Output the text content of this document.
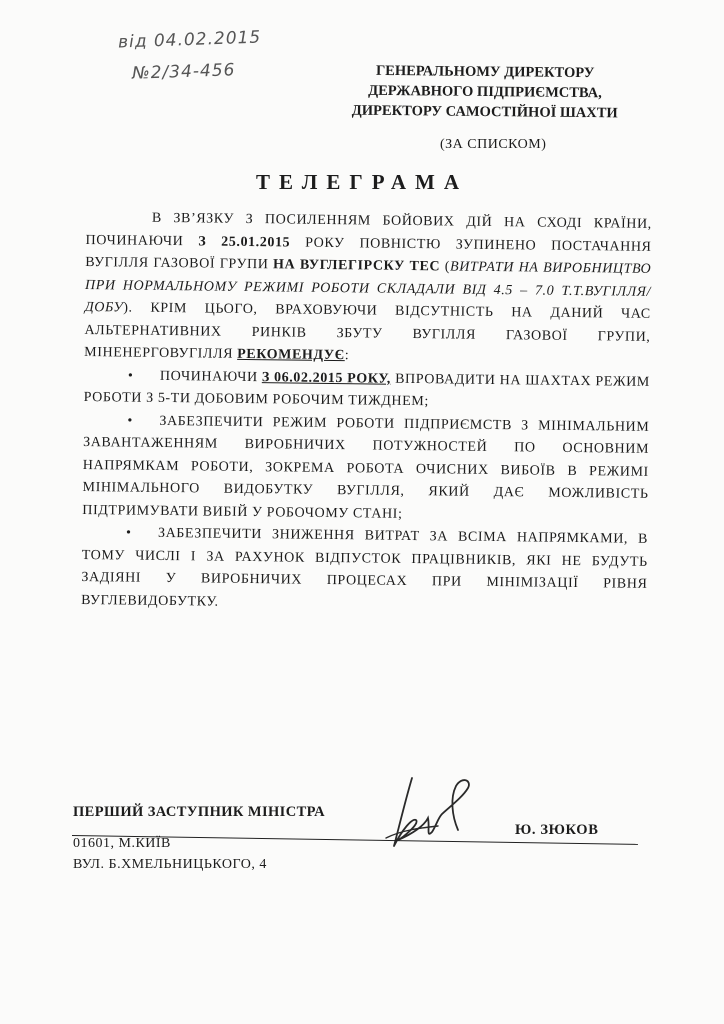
від 04.02.2015
№2/34-456	ГЕНЕРАЛЬНОМУ ДИРЕКТОРУ
ДЕРЖАВНОГО ПІДПРИЄМСТВА,
ДИРЕКТОРУ САМОСТІЙНОЇ ШАХТИ
(ЗА СПИСКОМ)
ТЕЛЕГРАМА

В ЗВ’ЯЗКУ З ПОСИЛЕННЯМ БОЙОВИХ ДІЙ НА СХОДІ КРАЇНИ, ПОЧИНАЮЧИ З 25.01.2015 РОКУ ПОВНІСТЮ ЗУПИНЕНО ПОСТАЧАННЯ ВУГІЛЛЯ ГАЗОВОЇ ГРУПИ НА ВУГЛЕГІРСКУ ТЕС (ВИТРАТИ НА ВИРОБНИЦТВО ПРИ НОРМАЛЬНОМУ РЕЖИМІ РОБОТИ СКЛАДАЛИ ВІД 4.5 – 7.0 Т.Т.ВУГІЛЛЯ/ДОБУ). КРІМ ЦЬОГО, ВРАХОВУЮЧИ ВІДСУТНІСТЬ НА ДАНИЙ ЧАС АЛЬТЕРНАТИВНИХ РИНКІВ ЗБУТУ ВУГІЛЛЯ ГАЗОВОЇ ГРУПИ, МІНЕНЕРГОВУГІЛЛЯ РЕКОМЕНДУЄ:

• ПОЧИНАЮЧИ З 06.02.2015 РОКУ, ВПРОВАДИТИ НА ШАХТАХ РЕЖИМ РОБОТИ З 5-ТИ ДОБОВИМ РОБОЧИМ ТИЖДНЕМ;
• ЗАБЕЗПЕЧИТИ РЕЖИМ РОБОТИ ПІДПРИЄМСТВ З МІНІМАЛЬНИМ ЗАВАНТАЖЕННЯМ ВИРОБНИЧИХ ПОТУЖНОСТЕЙ ПО ОСНОВНИМ НАПРЯМКАМ РОБОТИ, ЗОКРЕМА РОБОТА ОЧИСНИХ ВИБОЇВ В РЕЖИМІ МІНІМАЛЬНОГО ВИДОБУТКУ ВУГІЛЛЯ, ЯКИЙ ДАЄ МОЖЛИВІСТЬ ПІДТРИМУВАТИ ВИБІЙ У РОБОЧОМУ СТАНІ;
• ЗАБЕЗПЕЧИТИ ЗНИЖЕННЯ ВИТРАТ ЗА ВСІМА НАПРЯМКАМИ, В ТОМУ ЧИСЛІ І ЗА РАХУНОК ВІДПУСТОК ПРАЦІВНИКІВ, ЯКІ НЕ БУДУТЬ ЗАДІЯНІ У ВИРОБНИЧИХ ПРОЦЕСАХ ПРИ МІНІМІЗАЦІЇ РІВНЯ ВУГЛЕВИДОБУТКУ.
ПЕРШИЙ ЗАСТУПНИК МІНІСТРА
Ю. ЗЮКОВ
01601, М.КИЇВ
ВУЛ. Б.ХМЕЛЬНИЦЬКОГО, 4
